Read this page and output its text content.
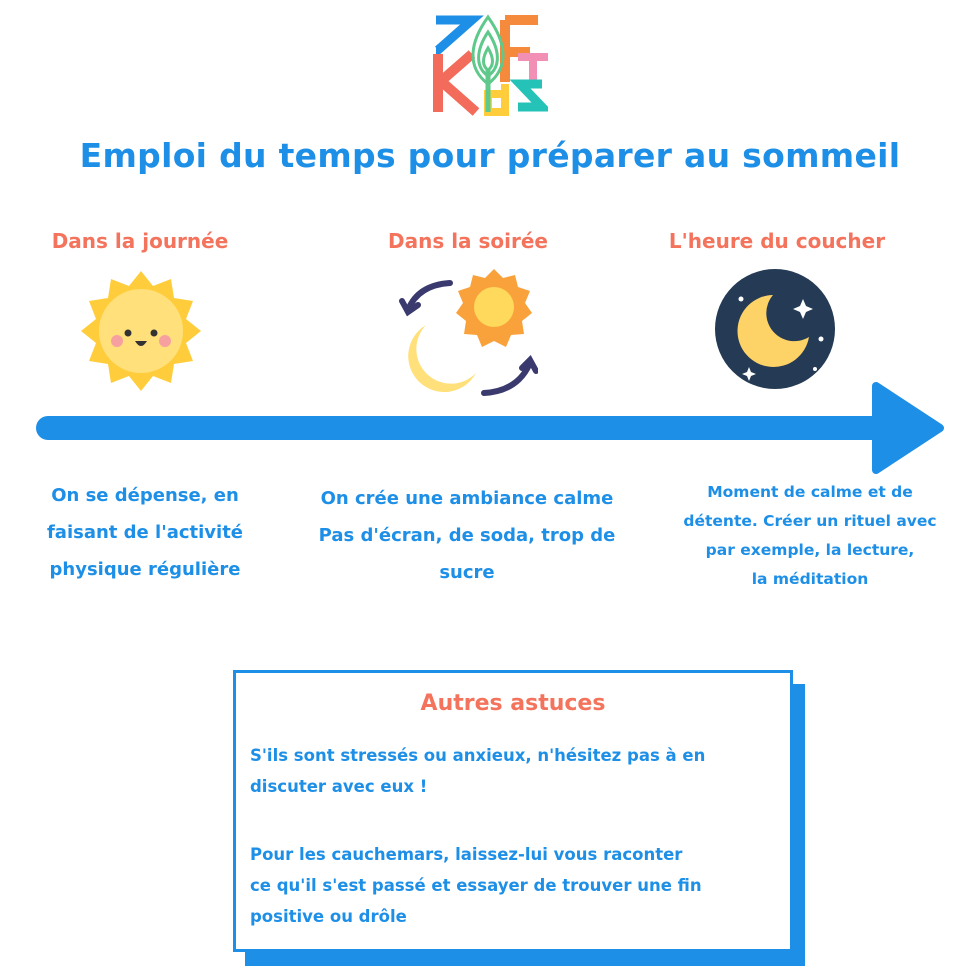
Emploi du temps pour préparer au sommeil
Dans la journée	Dans la soirée	L'heure du coucher
On se dépense, en
faisant de l'activité
physique régulière
On crée une ambiance calme
Pas d'écran, de soda, trop de
sucre
Moment de calme et de
détente. Créer un rituel avec
par exemple, la lecture,
la méditation
Autres astuces
S'ils sont stressés ou anxieux, n'hésitez pas à en
discuter avec eux !
Pour les cauchemars, laissez-lui vous raconter
ce qu'il s'est passé et essayer de trouver une fin
positive ou drôle
